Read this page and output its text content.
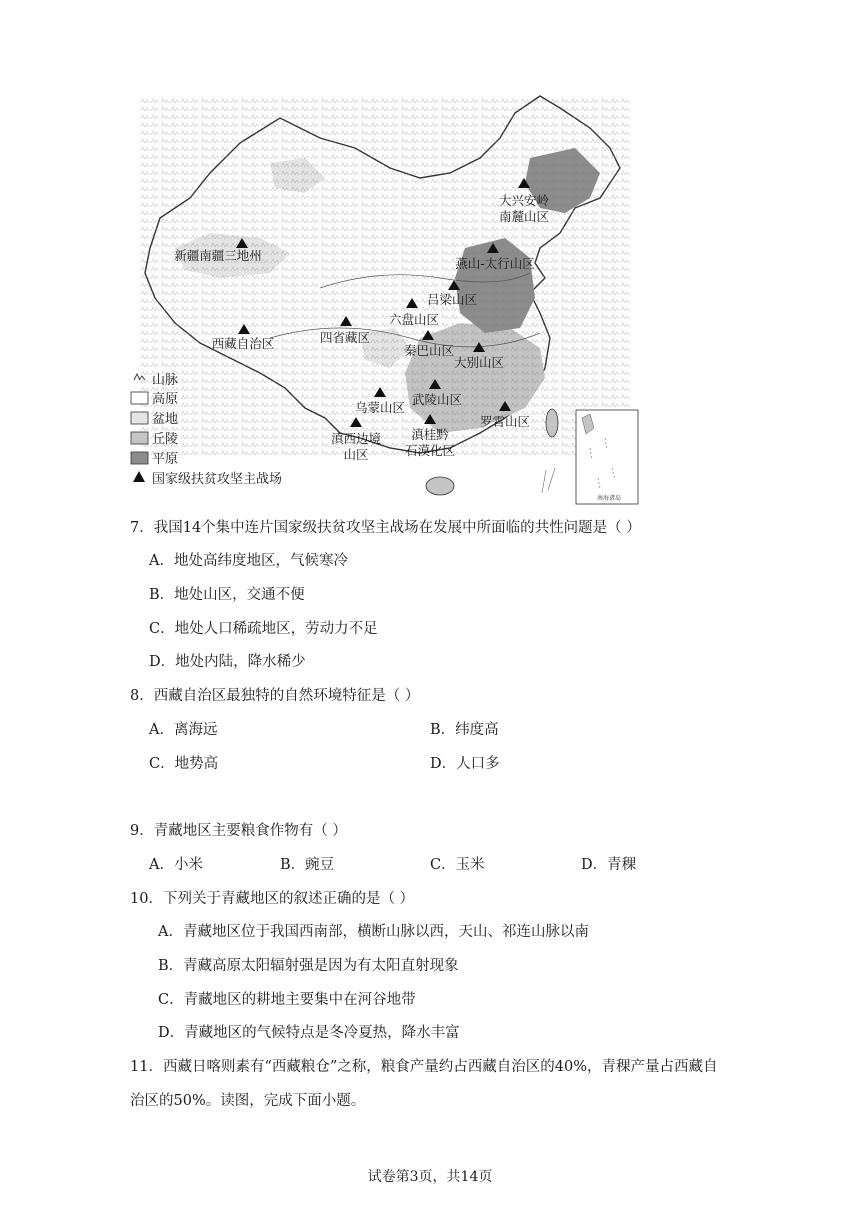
南海诸岛
大兴安岭
南麓山区
新疆南疆三地州
燕山-太行山区
吕梁山区
六盘山区
四省藏区
西藏自治区	秦巴山区
大别山区
乌蒙山区
武陵山区
罗霄山区
滇西边境
山区
滇桂黔
石漠化区
山脉
高原
盆地
丘陵
平原
国家级扶贫攻坚主战场
7．我国14个集中连片国家级扶贫攻坚主战场在发展中所面临的共性问题是（ ）
A．地处高纬度地区，气候寒冷
B．地处山区，交通不便
C．地处人口稀疏地区，劳动力不足
D．地处内陆，降水稀少
8．西藏自治区最独特的自然环境特征是（ ）
A．离海远	B．纬度高
C．地势高	D．人口多
9．青藏地区主要粮食作物有（ ）
A．小米	B．豌豆	C．玉米	D．青稞
10．下列关于青藏地区的叙述正确的是（ ）
A．青藏地区位于我国西南部，横断山脉以西，天山、祁连山脉以南
B．青藏高原太阳辐射强是因为有太阳直射现象
C．青藏地区的耕地主要集中在河谷地带
D．青藏地区的气候特点是冬冷夏热，降水丰富
11．西藏日喀则素有“西藏粮仓”之称，粮食产量约占西藏自治区的40%，青稞产量占西藏自
治区的50%。读图，完成下面小题。
试卷第3页，共14页
